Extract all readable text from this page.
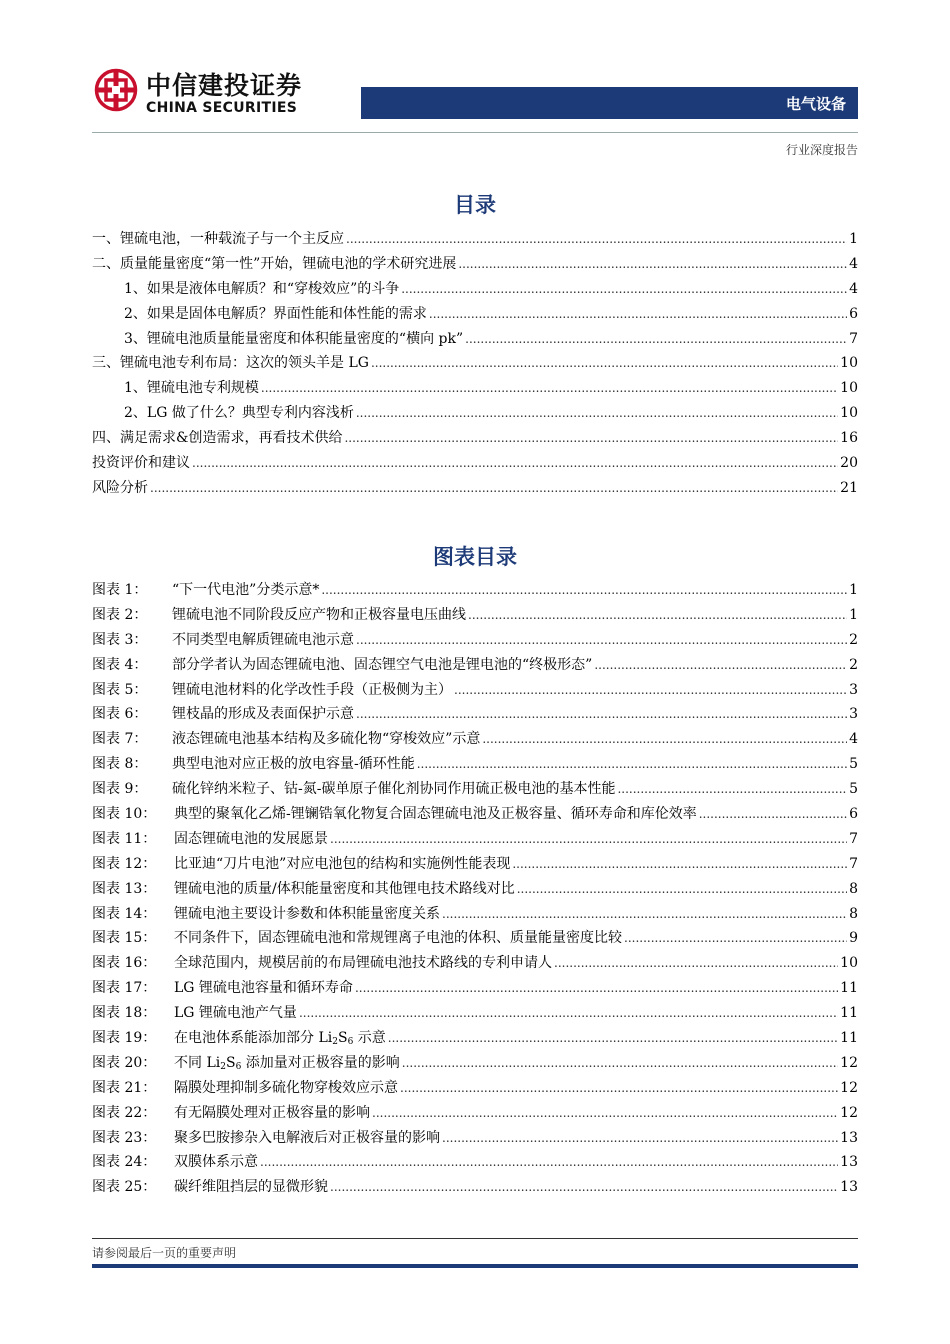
中信建投证券
CHINA SECURITIES	电气设备
行业深度报告
目录
一、锂硫电池，一种载流子与一个主反应 .....	1
二、质量能量密度“第一性”开始，锂硫电池的学术研究进展 .....	4
1、如果是液体电解质？和“穿梭效应”的斗争 .....	4
2、如果是固体电解质？界面性能和体性能的需求 .....	6
3、锂硫电池质量能量密度和体积能量密度的“横向 pk” .....	7
三、锂硫电池专利布局：这次的领头羊是 LG .....	10
1、锂硫电池专利规模 .....	10
2、LG 做了什么？典型专利内容浅析 .....	10
四、满足需求&创造需求，再看技术供给 .....	16
投资评价和建议 .....	20
风险分析 .....	21
图表目录
图表 1： “下一代电池”分类示意* .....	1
图表 2： 锂硫电池不同阶段反应产物和正极容量电压曲线 .....	1
图表 3： 不同类型电解质锂硫电池示意 .....	2
图表 4： 部分学者认为固态锂硫电池、固态锂空气电池是锂电池的“终极形态” .....	2
图表 5： 锂硫电池材料的化学改性手段（正极侧为主） .....	3
图表 6： 锂枝晶的形成及表面保护示意 .....	3
图表 7： 液态锂硫电池基本结构及多硫化物“穿梭效应”示意 .....	4
图表 8： 典型电池对应正极的放电容量-循环性能 .....	5
图表 9： 硫化锌纳米粒子、钴-氮-碳单原子催化剂协同作用硫正极电池的基本性能 .....	5
图表 10： 典型的聚氧化乙烯-锂镧锆氧化物复合固态锂硫电池及正极容量、循环寿命和库伦效率 .....	6
图表 11： 固态锂硫电池的发展愿景 .....	7
图表 12： 比亚迪“刀片电池”对应电池包的结构和实施例性能表现 .....	7
图表 13： 锂硫电池的质量/体积能量密度和其他锂电技术路线对比 .....	8
图表 14： 锂硫电池主要设计参数和体积能量密度关系 .....	8
图表 15： 不同条件下，固态锂硫电池和常规锂离子电池的体积、质量能量密度比较 .....	9
图表 16： 全球范围内，规模居前的布局锂硫电池技术路线的专利申请人 .....	10
图表 17： LG 锂硫电池容量和循环寿命 .....	11
图表 18： LG 锂硫电池产气量 .....	11
图表 19： 在电池体系能添加部分 $Li_2S_6$ 示意 .....	11
图表 20： 不同 $Li_2S_6$ 添加量对正极容量的影响 .....	12
图表 21： 隔膜处理抑制多硫化物穿梭效应示意 .....	12
图表 22： 有无隔膜处理对正极容量的影响 .....	12
图表 23： 聚多巴胺掺杂入电解液后对正极容量的影响 .....	13
图表 24： 双膜体系示意 .....	13
图表 25： 碳纤维阻挡层的显微形貌 .....	13
请参阅最后一页的重要声明
